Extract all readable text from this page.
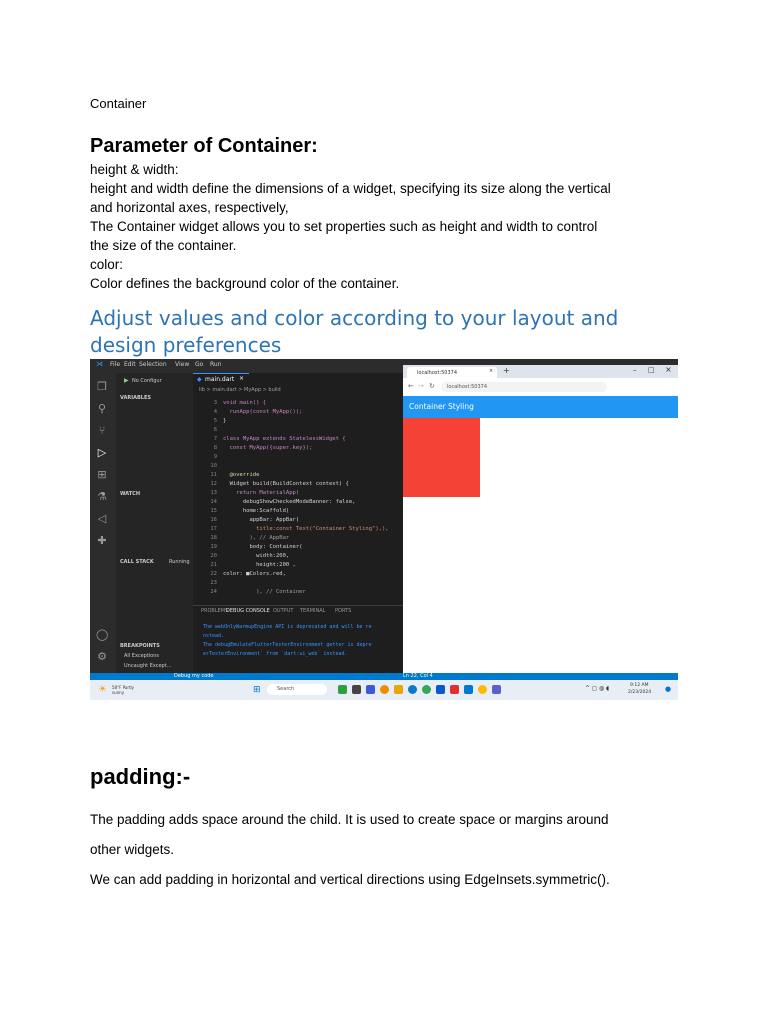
Container
Parameter of Container:
height & width:
height and width define the dimensions of a widget, specifying its size along the vertical
and horizontal axes, respectively,
The Container widget allows you to set properties such as height and width to control
the size of the container.
color:
Color defines the background color of the container.
Adjust values and color according to your layout and
design preferences
⋊ File Edit Selection View Go Run
❐
⚲
⑂
▷
⊞
⚗
◁
✚
◯
⚙
▶ No Configur
VARIABLES
WATCH
CALL STACK	Running
BREAKPOINTS
All Exceptions
Uncaught Except...
◆ main.dart ×
lib > main.dart > MyApp > build
3 void main() {
4  runApp(const MyApp());
5 }
6
7 class MyApp extends StatelessWidget {
8  const MyApp({super.key});
9
10
11  @override
12  Widget build(BuildContext context) {
13    return MaterialApp(
14      debugShowCheckedModeBanner: false,
15      home:Scaffold(
16        appBar: AppBar(
17          title:const Text("Container Styling"),),
18        ), // AppBar
19        body: Container(
20          width:200,
21          height:200 ,
22 color: ■Colors.red,
23
24          ), // Container
PROBLEMS
DEBUG CONSOLE OUTPUT TERMINAL PORTS
The webOnlyWarmupEngine API is deprecated and will be re
nstead.
The debugEmulateFlutterTesterEnvironment getter is depre
erTesterEnvironment` from `dart:ui_web` instead.
Debug my code	Ln 22, Col 4
localhost:50374	× +	– □ ×
← → ↻	localhost:50374
Container Styling
☀ 58°F Partly sunny	⊞	Search	^ ◻ ◍ ◖	9:12 AM
2/23/2024 ●
padding:-
The padding adds space around the child. It is used to create space or margins around
other widgets.
We can add padding in horizontal and vertical directions using EdgeInsets.symmetric().
